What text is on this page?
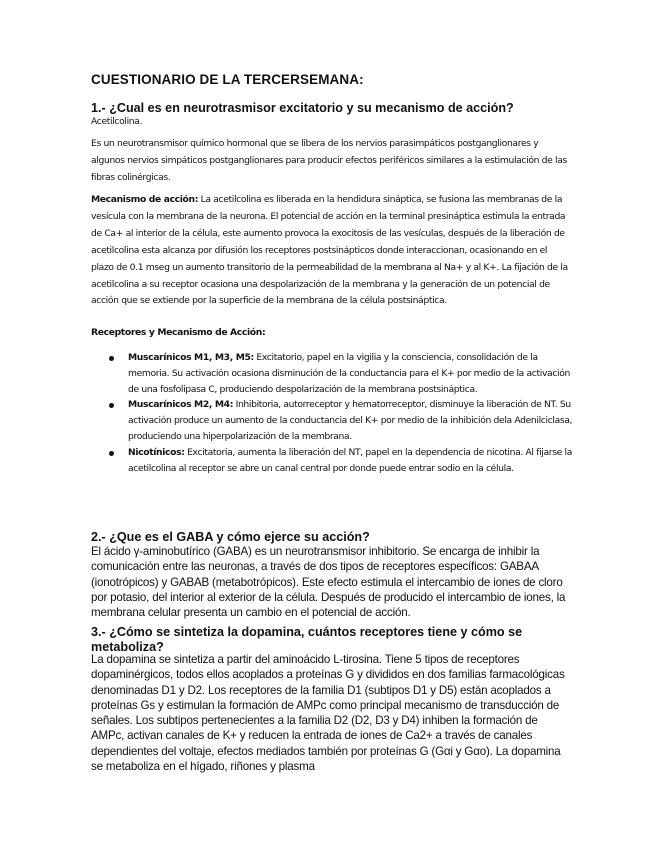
CUESTIONARIO DE LA TERCERSEMANA:
1.- ¿Cual es en neurotrasmisor excitatorio y su mecanismo de acción?

Acetilcolina.

Es un neurotransmisor químico hormonal que se libera de los nervios parasimpáticos postganglionares y algunos nervios simpáticos postganglionares para producir efectos periféricos similares a la estimulación de las fibras colinérgicas.

Mecanismo de acción: La acetilcolina es liberada en la hendidura sináptica, se fusiona las membranas de la vesícula con la membrana de la neurona. El potencial de acción en la terminal presináptica estimula la entrada de Ca+ al interior de la célula, este aumento provoca la exocitosis de las vesículas, después de la liberación de acetilcolina esta alcanza por difusión los receptores postsinápticos donde interaccionan, ocasionando en el plazo de 0.1 mseg un aumento transitorio de la permeabilidad de la membrana al Na+ y al K+. La fijación de la acetilcolina a su receptor ocasiona una despolarización de la membrana y la generación de un potencial de acción que se extiende por la superficie de la membrana de la célula postsináptica.

Receptores y Mecanismo de Acción:

Muscarínicos M1, M3, M5: Excitatorio, papel en la vigilia y la consciencia, consolidación de la memoria. Su activación ocasiona disminución de la conductancia para el K+ por medio de la activación de una fosfolipasa C, produciendo despolarización de la membrana postsináptica.
Muscarínicos M2, M4: Inhibitoria, autorreceptor y hematorreceptor, disminuye la liberación de NT. Su activación produce un aumento de la conductancia del K+ por medio de la inhibición dela Adenilciclasa, produciendo una hiperpolarización de la membrana.
Nicotínicos: Excitatoria, aumenta la liberación del NT, papel en la dependencia de nicotina. Al fijarse la acetilcolina al receptor se abre un canal central por donde puede entrar sodio en la célula.
2.- ¿Que es el GABA y cómo ejerce su acción?

El ácido γ-aminobutírico (GABA) es un neurotransmisor inhibitorio. Se encarga de inhibir la comunicación entre las neuronas, a través de dos tipos de receptores específicos: GABAA (ionotrópicos) y GABAB (metabotrópicos). Este efecto estimula el intercambio de iones de cloro por potasio, del interior al exterior de la célula. Después de producido el intercambio de iones, la membrana celular presenta un cambio en el potencial de acción.

3.- ¿Cómo se sintetiza la dopamina, cuántos receptores tiene y cómo se metaboliza?

La dopamina se sintetiza a partir del aminoácido L-tirosina. Tiene 5 tipos de receptores dopaminérgicos, todos ellos acoplados a proteínas G y divididos en dos familias farmacológicas denominadas D1 y D2. Los receptores de la familia D1 (subtipos D1 y D5) están acoplados a proteínas Gs y estimulan la formación de AMPc como principal mecanismo de transducción de señales. Los subtipos pertenecientes a la familia D2 (D2, D3 y D4) inhiben la formación de AMPc, activan canales de K+ y reducen la entrada de iones de Ca2+ a través de canales dependientes del voltaje, efectos mediados también por proteínas G (Gαi y Gαo). La dopamina se metaboliza en el hígado, riñones y plasma
